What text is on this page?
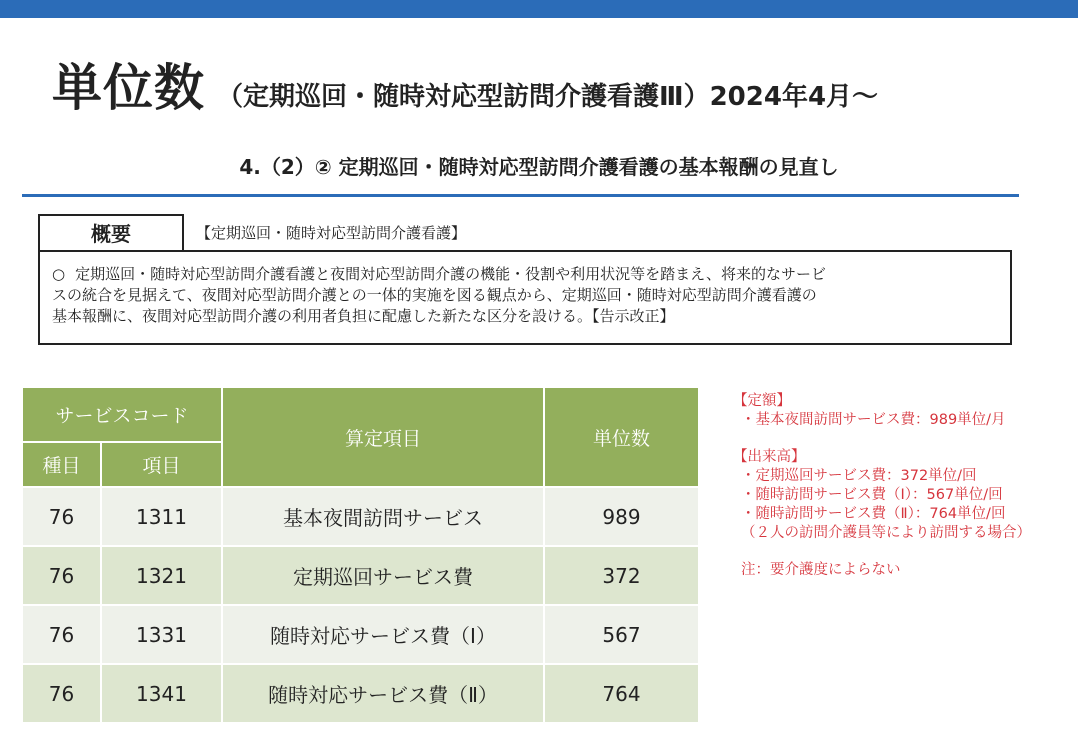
単位数 （定期巡回・随時対応型訪問介護看護Ⅲ）2024年4月～
4.（2）② 定期巡回・随時対応型訪問介護看護の基本報酬の見直し
概要	【定期巡回・随時対応型訪問介護看護】
○ 定期巡回・随時対応型訪問介護看護と夜間対応型訪問介護の機能・役割や利用状況等を踏まえ、将来的なサービ
スの統合を見据えて、夜間対応型訪問介護との一体的実施を図る観点から、定期巡回・随時対応型訪問介護看護の
基本報酬に、夜間対応型訪問介護の利用者負担に配慮した新たな区分を設ける。【告示改正】
サービスコード		算定項目	単位数
種目	項目		
76	1311	基本夜間訪問サービス	989
76	1321	定期巡回サービス費	372
76	1331	随時対応サービス費（Ⅰ）	567
76	1341	随時対応サービス費（Ⅱ）	764
【定額】
・基本夜間訪問サービス費：989単位/月
【出来高】
・定期巡回サービス費：372単位/回
・随時訪問サービス費（Ⅰ）：567単位/回
・随時訪問サービス費（Ⅱ）：764単位/回
（２人の訪問介護員等により訪問する場合）
注：要介護度によらない
